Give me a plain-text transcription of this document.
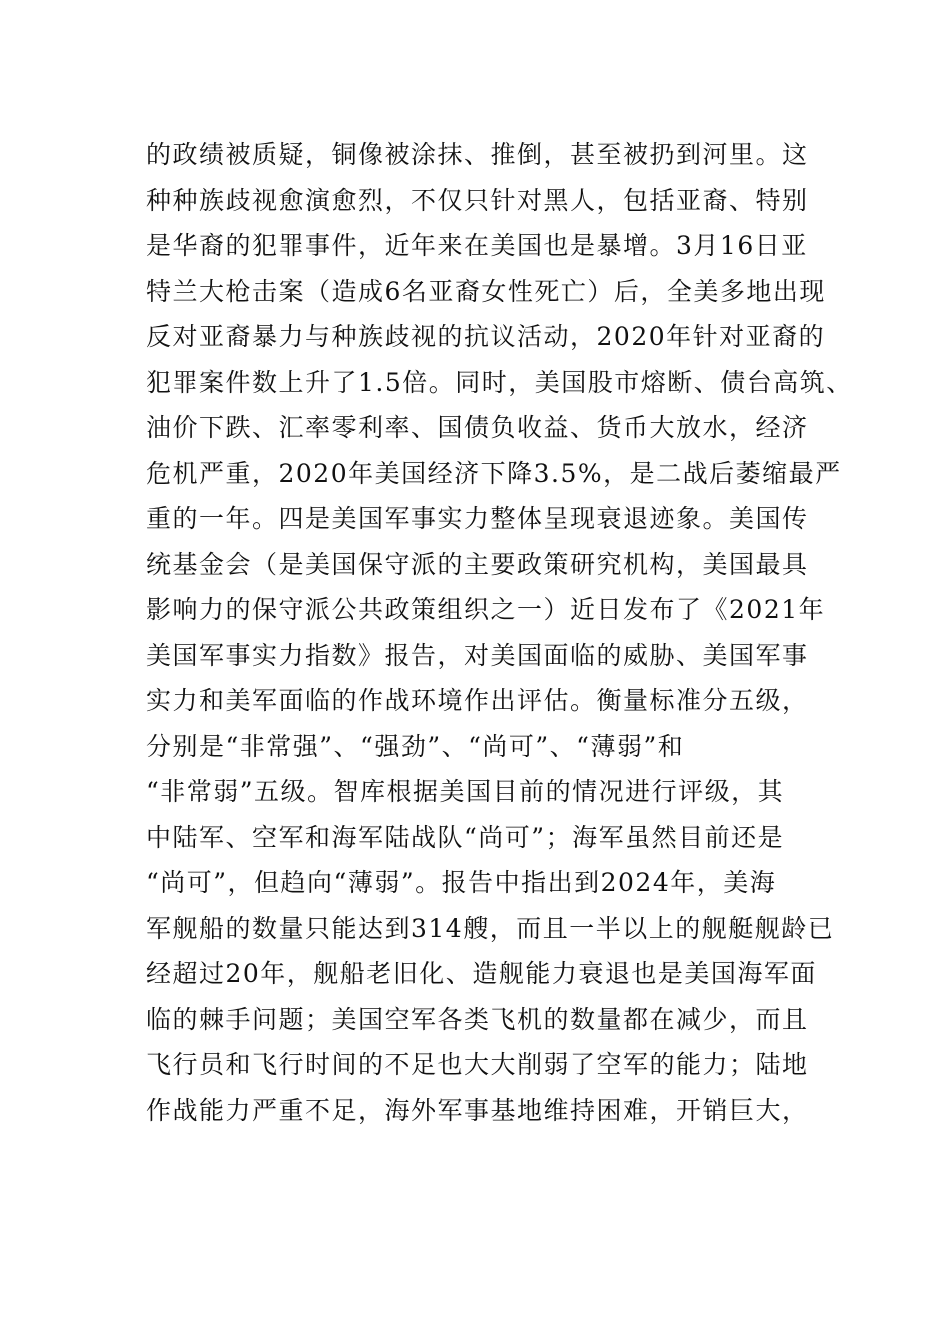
的政绩被质疑，铜像被涂抹、推倒，甚至被扔到河里。这
种种族歧视愈演愈烈，不仅只针对黑人，包括亚裔、特别
是华裔的犯罪事件，近年来在美国也是暴增。3月16日亚
特兰大枪击案（造成6名亚裔女性死亡）后，全美多地出现
反对亚裔暴力与种族歧视的抗议活动，2020年针对亚裔的
犯罪案件数上升了1.5倍。同时，美国股市熔断、债台高筑、
油价下跌、汇率零利率、国债负收益、货币大放水，经济
危机严重，2020年美国经济下降3.5%，是二战后萎缩最严
重的一年。四是美国军事实力整体呈现衰退迹象。美国传
统基金会（是美国保守派的主要政策研究机构，美国最具
影响力的保守派公共政策组织之一）近日发布了《2021年
美国军事实力指数》报告，对美国面临的威胁、美国军事
实力和美军面临的作战环境作出评估。衡量标准分五级，
分别是“非常强”、“强劲”、“尚可”、“薄弱”和
“非常弱”五级。智库根据美国目前的情况进行评级，其
中陆军、空军和海军陆战队“尚可”；海军虽然目前还是
“尚可”，但趋向“薄弱”。报告中指出到2024年，美海
军舰船的数量只能达到314艘，而且一半以上的舰艇舰龄已
经超过20年，舰船老旧化、造舰能力衰退也是美国海军面
临的棘手问题；美国空军各类飞机的数量都在减少，而且
飞行员和飞行时间的不足也大大削弱了空军的能力；陆地
作战能力严重不足，海外军事基地维持困难，开销巨大，
